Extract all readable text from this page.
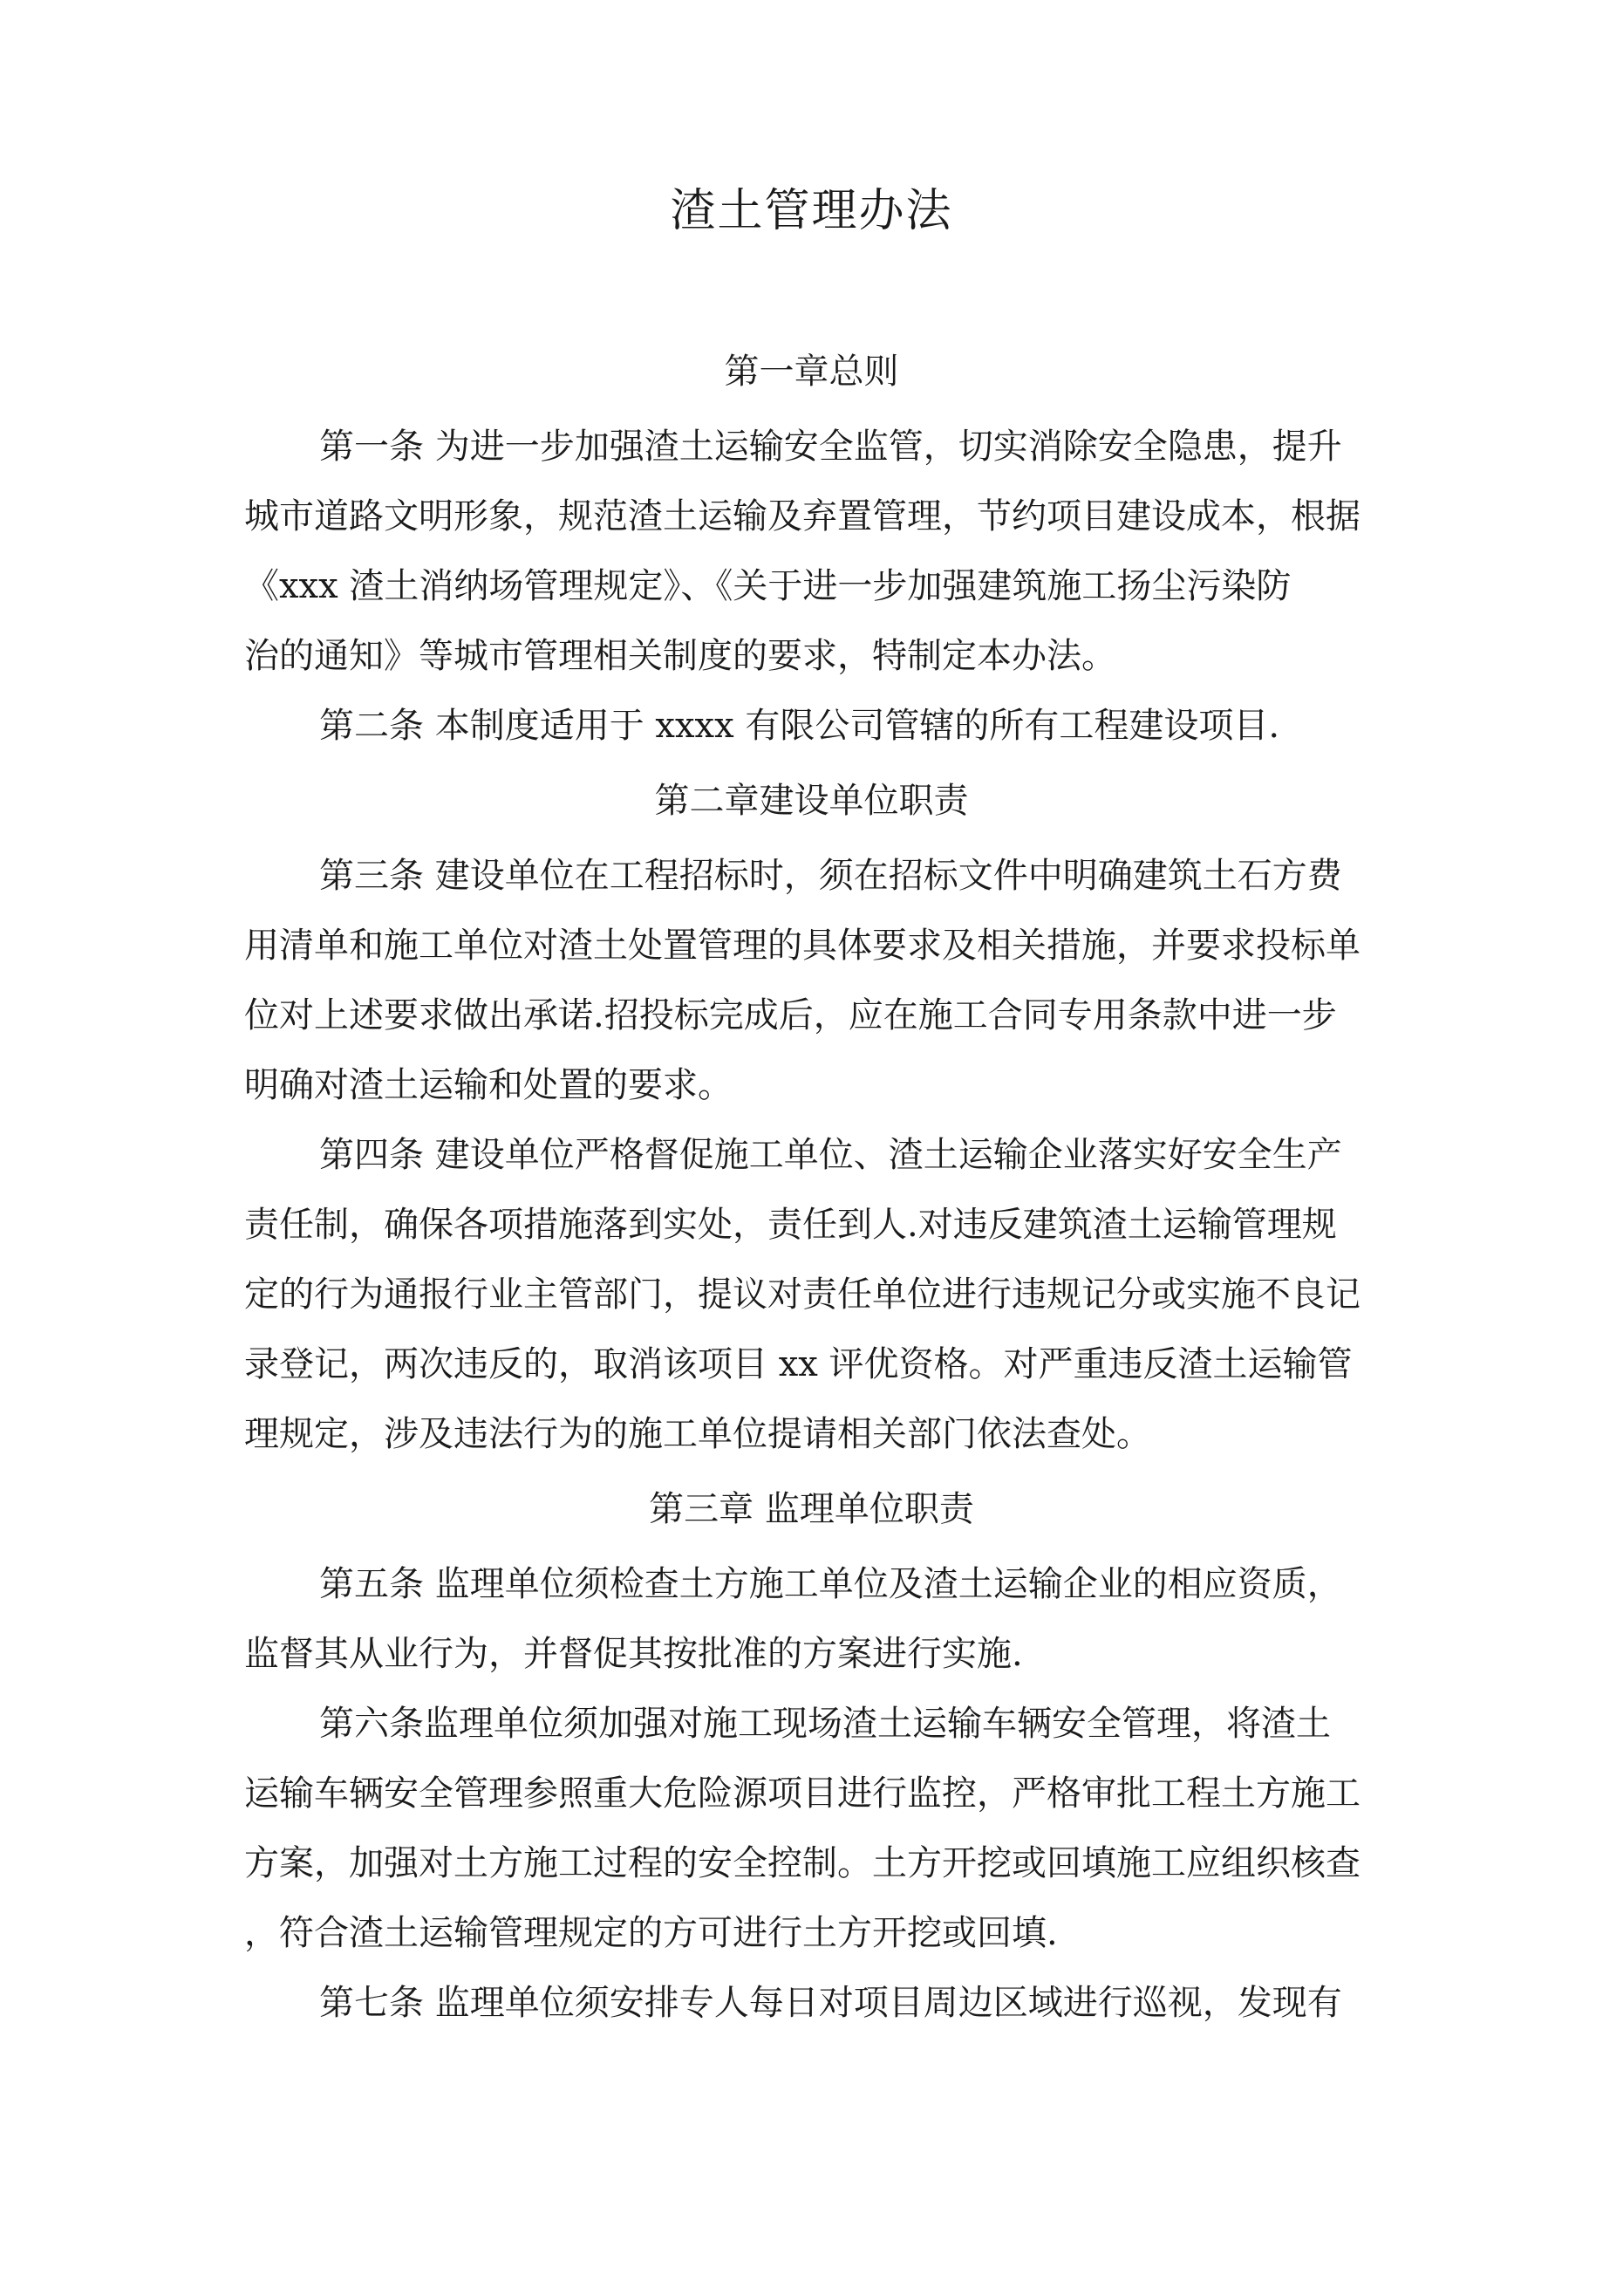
渣土管理办法
第一章总则
第一条 为进一步加强渣土运输安全监管，切实消除安全隐患，提升
城市道路文明形象，规范渣土运输及弃置管理，节约项目建设成本，根据
《xxx 渣土消纳场管理规定》、《关于进一步加强建筑施工扬尘污染防
治的通知》等城市管理相关制度的要求，特制定本办法。
第二条 本制度适用于 xxxx 有限公司管辖的所有工程建设项目.
第二章建设单位职责
第三条 建设单位在工程招标时，须在招标文件中明确建筑土石方费
用清单和施工单位对渣土处置管理的具体要求及相关措施，并要求投标单
位对上述要求做出承诺.招投标完成后，应在施工合同专用条款中进一步
明确对渣土运输和处置的要求。
第四条 建设单位严格督促施工单位、渣土运输企业落实好安全生产
责任制，确保各项措施落到实处，责任到人.对违反建筑渣土运输管理规
定的行为通报行业主管部门，提议对责任单位进行违规记分或实施不良记
录登记，两次违反的，取消该项目 xx 评优资格。对严重违反渣土运输管
理规定，涉及违法行为的施工单位提请相关部门依法查处。
第三章 监理单位职责
第五条 监理单位须检查土方施工单位及渣土运输企业的相应资质，
监督其从业行为，并督促其按批准的方案进行实施.
第六条监理单位须加强对施工现场渣土运输车辆安全管理，将渣土
运输车辆安全管理参照重大危险源项目进行监控，严格审批工程土方施工
方案，加强对土方施工过程的安全控制。土方开挖或回填施工应组织核查
，符合渣土运输管理规定的方可进行土方开挖或回填.
第七条 监理单位须安排专人每日对项目周边区域进行巡视，发现有
